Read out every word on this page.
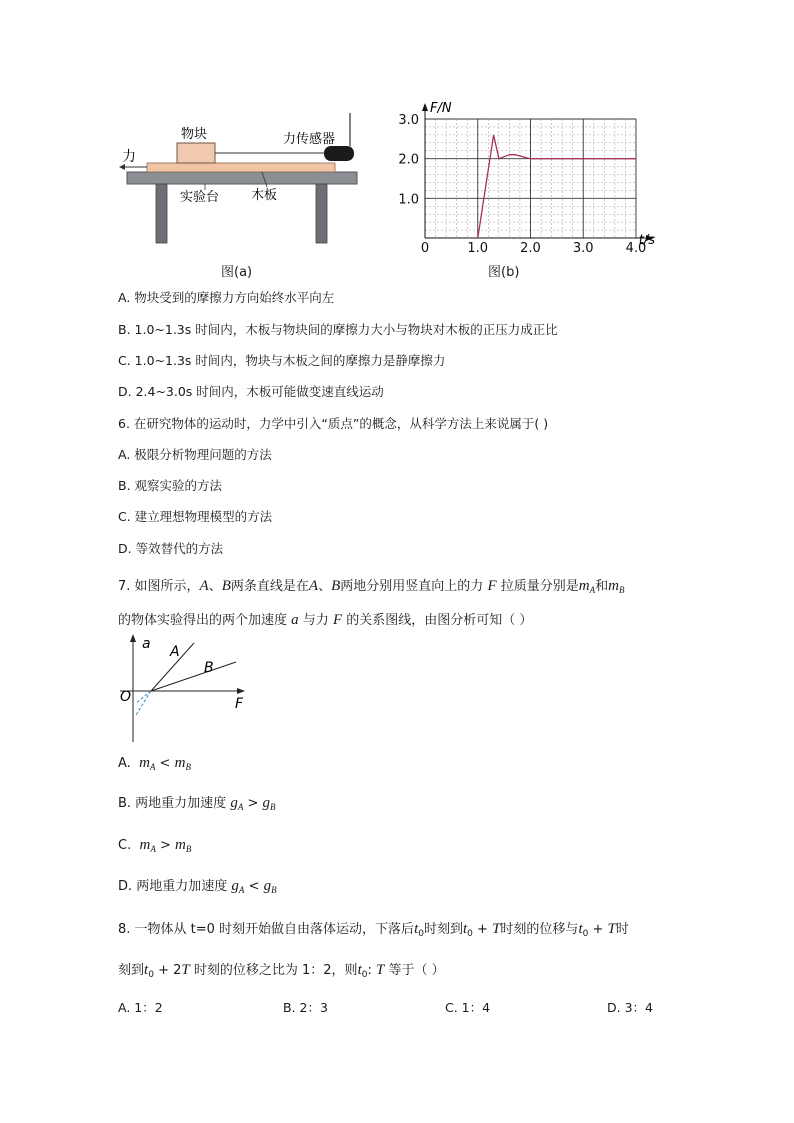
力
物块	力传感器
实验台 木板
图(a)
0	1.0 2.0 3.0 4.0
1.0
2.0
3.0
F/N
t/s
图(b)
A. 物块受到的摩擦力方向始终水平向左
B. 1.0~1.3s 时间内，木板与物块间的摩擦力大小与物块对木板的正压力成正比
C. 1.0~1.3s 时间内，物块与木板之间的摩擦力是静摩擦力
D. 2.4~3.0s 时间内，木板可能做变速直线运动
6. 在研究物体的运动时，力学中引入“质点”的概念，从科学方法上来说属于( )
A. 极限分析物理问题的方法
B. 观察实验的方法
C. 建立理想物理模型的方法
D. 等效替代的方法
7. 如图所示，A、B两条直线是在A、B两地分别用竖直向上的力 F 拉质量分别是$m_A$和$m_B$
的物体实验得出的两个加速度 a 与力 F 的关系图线，由图分析可知（ ）
a
O	F
A
B
A. $m_A < m_B$
B. 两地重力加速度 $g_A > g_B$
C. $m_A > m_B$
D. 两地重力加速度 $g_A < g_B$
8. 一物体从 t=0 时刻开始做自由落体运动，下落后$t_0$时刻到$t_0 + T$时刻的位移与$t_0 + T$时
刻到$t_0 + 2T$ 时刻的位移之比为 1：2，则$t_0$: T 等于（ ）
A. 1：2	B. 2：3	C. 1：4	D. 3：4
